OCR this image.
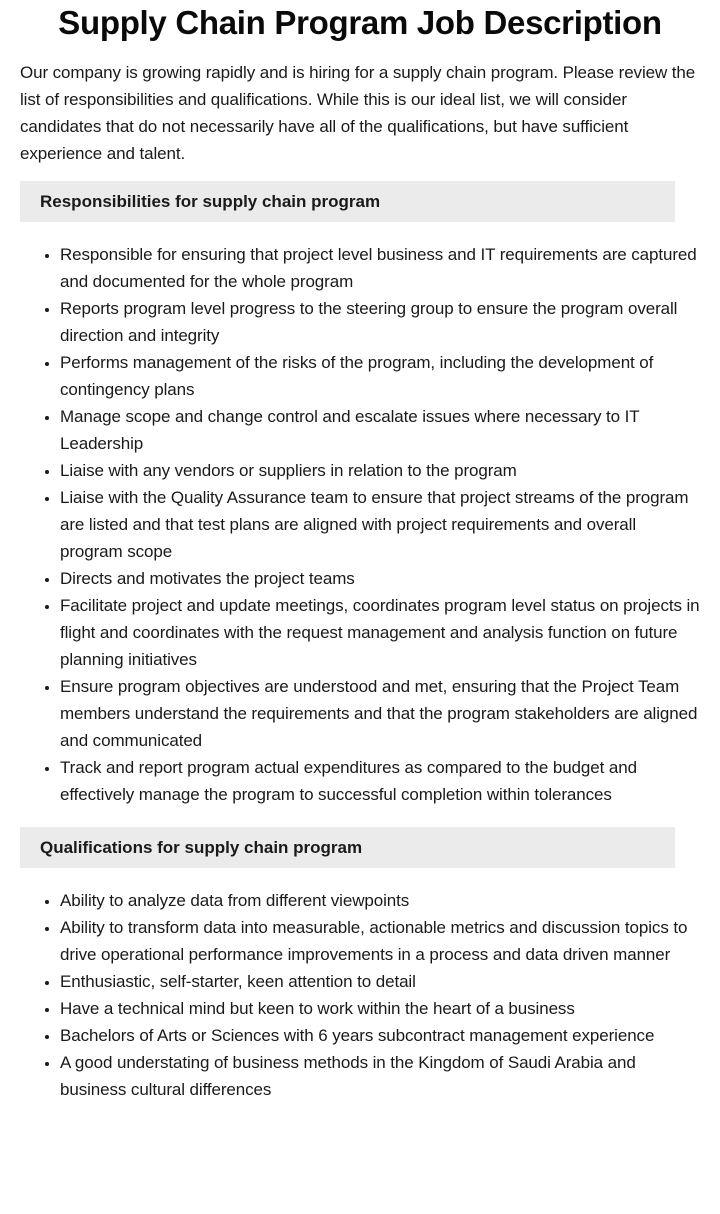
Supply Chain Program Job Description

Our company is growing rapidly and is hiring for a supply chain program. Please review the list of responsibilities and qualifications. While this is our ideal list, we will consider candidates that do not necessarily have all of the qualifications, but have sufficient experience and talent.

Responsibilities for supply chain program
• Responsible for ensuring that project level business and IT requirements are captured and documented for the whole program
• Reports program level progress to the steering group to ensure the program overall direction and integrity
• Performs management of the risks of the program, including the development of contingency plans
• Manage scope and change control and escalate issues where necessary to IT Leadership
• Liaise with any vendors or suppliers in relation to the program
• Liaise with the Quality Assurance team to ensure that project streams of the program are listed and that test plans are aligned with project requirements and overall program scope
• Directs and motivates the project teams
• Facilitate project and update meetings, coordinates program level status on projects in flight and coordinates with the request management and analysis function on future planning initiatives
• Ensure program objectives are understood and met, ensuring that the Project Team members understand the requirements and that the program stakeholders are aligned and communicated
• Track and report program actual expenditures as compared to the budget and effectively manage the program to successful completion within tolerances
Qualifications for supply chain program
• Ability to analyze data from different viewpoints
• Ability to transform data into measurable, actionable metrics and discussion topics to drive operational performance improvements in a process and data driven manner
• Enthusiastic, self-starter, keen attention to detail
• Have a technical mind but keen to work within the heart of a business
• Bachelors of Arts or Sciences with 6 years subcontract management experience
• A good understating of business methods in the Kingdom of Saudi Arabia and business cultural differences
